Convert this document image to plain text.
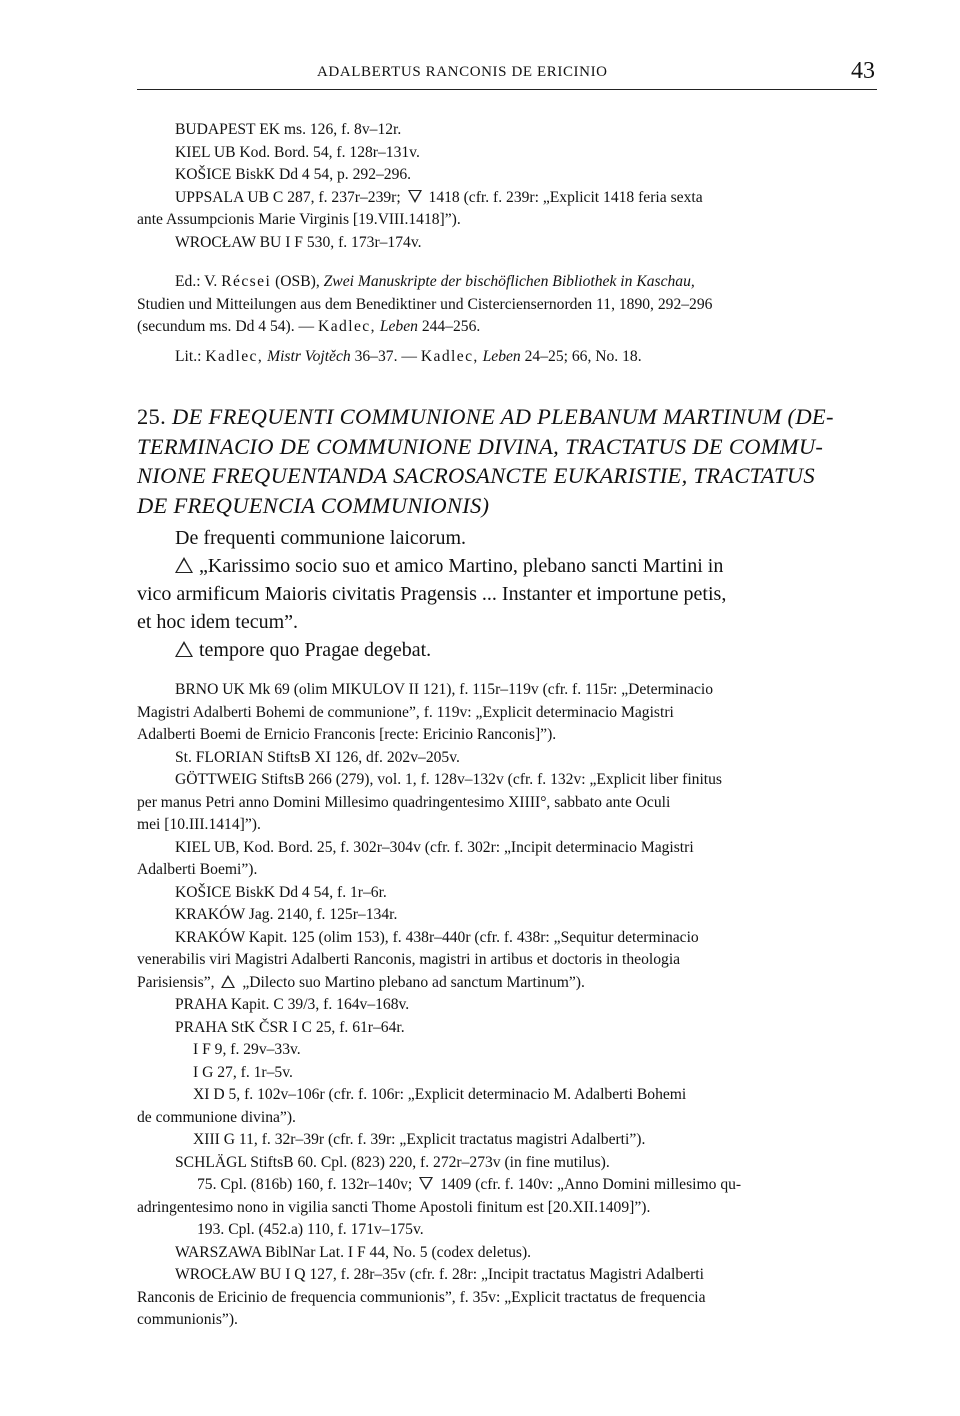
ADALBERTUS RANCONIS DE ERICINIO	43
BUDAPEST EK ms. 126, f. 8v–12r.
KIEL UB Kod. Bord. 54, f. 128r–131v.
KOŠICE BiskK Dd 4 54, p. 292–296.
UPPSALA UB C 287, f. 237r–239r; 1418 (cfr. f. 239r: „Explicit 1418 feria sexta
ante Assumpcionis Marie Virginis [19.VIII.1418]”).
WROCŁAW BU I F 530, f. 173r–174v.
Ed.: V. Récsei (OSB), Zwei Manuskripte der bischöflichen Bibliothek in Kaschau,
Studien und Mitteilungen aus dem Benediktiner und Cisterciensernorden 11, 1890, 292–296
(secundum ms. Dd 4 54). — Kadlec, Leben 244–256.
Lit.: Kadlec, Mistr Vojtěch 36–37. — Kadlec, Leben 24–25; 66, No. 18.
25. DE FREQUENTI COMMUNIONE AD PLEBANUM MARTINUM (DE-
TERMINACIO DE COMMUNIONE DIVINA, TRACTATUS DE COMMU-
NIONE FREQUENTANDA SACROSANCTE EUKARISTIE, TRACTATUS
DE FREQUENCIA COMMUNIONIS)
De frequenti communione laicorum.
„Karissimo socio suo et amico Martino, plebano sancti Martini in
vico armificum Maioris civitatis Pragensis ... Instanter et importune petis,
et hoc idem tecum”.
tempore quo Pragae degebat.
BRNO UK Mk 69 (olim MIKULOV II 121), f. 115r–119v (cfr. f. 115r: „Determinacio
Magistri Adalberti Bohemi de communione”, f. 119v: „Explicit determinacio Magistri
Adalberti Boemi de Ernicio Franconis [recte: Ericinio Ranconis]”).
St. FLORIAN StiftsB XI 126, df. 202v–205v.
GÖTTWEIG StiftsB 266 (279), vol. 1, f. 128v–132v (cfr. f. 132v: „Explicit liber finitus
per manus Petri anno Domini Millesimo quadringentesimo XIIII°, sabbato ante Oculi
mei [10.III.1414]”).
KIEL UB, Kod. Bord. 25, f. 302r–304v (cfr. f. 302r: „Incipit determinacio Magistri
Adalberti Boemi”).
KOŠICE BiskK Dd 4 54, f. 1r–6r.
KRAKÓW Jag. 2140, f. 125r–134r.
KRAKÓW Kapit. 125 (olim 153), f. 438r–440r (cfr. f. 438r: „Sequitur determinacio
venerabilis viri Magistri Adalberti Ranconis, magistri in artibus et doctoris in theologia
Parisiensis”, „Dilecto suo Martino plebano ad sanctum Martinum”).
PRAHA Kapit. C 39/3, f. 164v–168v.
PRAHA StK ČSR I C 25, f. 61r–64r.
I F 9, f. 29v–33v.
I G 27, f. 1r–5v.
XI D 5, f. 102v–106r (cfr. f. 106r: „Explicit determinacio M. Adalberti Bohemi
de communione divina”).
XIII G 11, f. 32r–39r (cfr. f. 39r: „Explicit tractatus magistri Adalberti”).
SCHLÄGL StiftsB 60. Cpl. (823) 220, f. 272r–273v (in fine mutilus).
75. Cpl. (816b) 160, f. 132r–140v; 1409 (cfr. f. 140v: „Anno Domini millesimo qu-
adringentesimo nono in vigilia sancti Thome Apostoli finitum est [20.XII.1409]”).
193. Cpl. (452.a) 110, f. 171v–175v.
WARSZAWA BiblNar Lat. I F 44, No. 5 (codex deletus).
WROCŁAW BU I Q 127, f. 28r–35v (cfr. f. 28r: „Incipit tractatus Magistri Adalberti
Ranconis de Ericinio de frequencia communionis”, f. 35v: „Explicit tractatus de frequencia
communionis”).
